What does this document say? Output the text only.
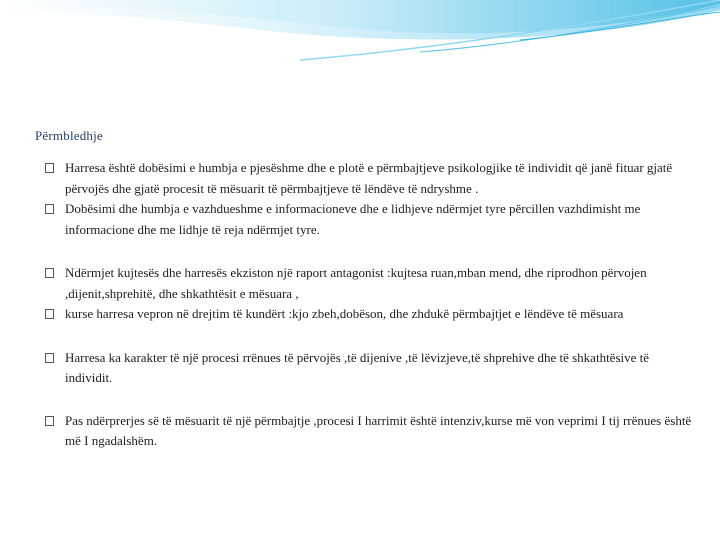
Përmbledhje
Harresa është dobësimi e humbja e pjesëshme dhe e plotë e përmbajtjeve psikologjike të individit që janë fituar gjatë përvojës dhe gjatë procesit të mësuarit të përmbajtjeve të lëndëve të ndryshme .
Dobësimi dhe humbja e vazhdueshme e informacioneve dhe e lidhjeve ndërmjet tyre përcillen vazhdimisht me informacione dhe me lidhje të reja ndërmjet tyre.
Ndërmjet kujtesës dhe harresës ekziston një raport antagonist :kujtesa ruan,mban mend, dhe riprodhon përvojen ,dijenit,shprehitë, dhe shkathtësit e mësuara ,
kurse harresa vepron në drejtim të kundërt :kjo zbeh,dobëson, dhe zhdukë përmbajtjet e lëndëve të mësuara
Harresa ka karakter të një procesi rrënues të përvojës ,të dijenive ,të lëvizjeve,të shprehive dhe të shkathtësive të individit.
Pas ndërprerjes së të mësuarit të një përmbajtje ,procesi I harrimit është intenziv,kurse më von veprimi I tij rrënues është më I ngadalshëm.
